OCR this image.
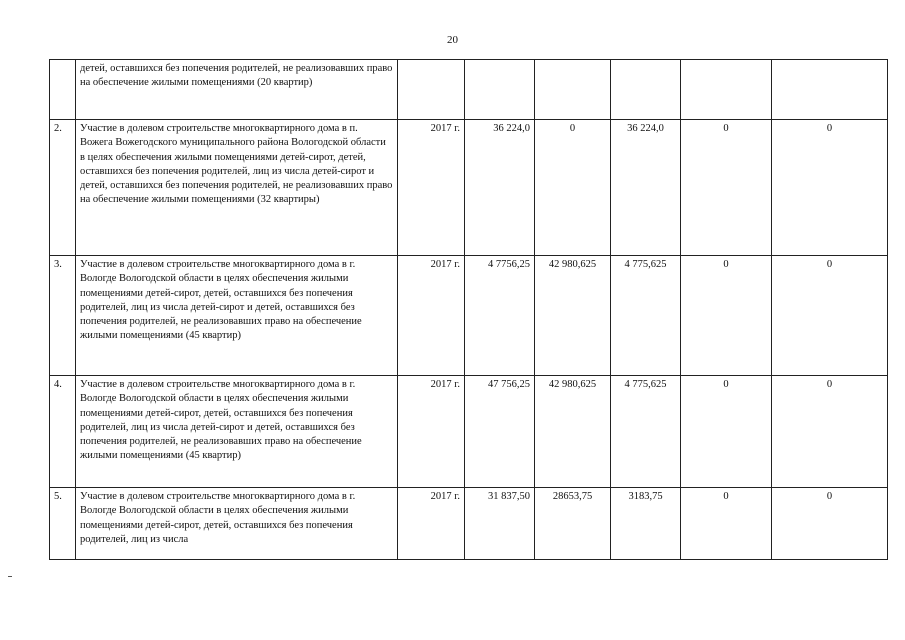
20
	детей, оставшихся без попечения родителей, не реализовавших право на обеспечение жилыми помещениями (20 квартир)						
2.	Участие в долевом строительстве многоквартирного дома в п. Вожега Вожегодского муниципального района Вологодской области в целях обеспечения жилыми помещениями детей-сирот, детей, оставшихся без попечения родителей, лиц из числа детей-сирот и детей, оставшихся без попечения родителей, не реализовавших право на обеспечение жилыми помещениями (32 квартиры)	2017 г.	36 224,0	0	36 224,0	0	0
3.	Участие в долевом строительстве многоквартирного дома в г. Вологде Вологодской области в целях обеспечения жилыми помещениями детей-сирот, детей, оставшихся без попечения родителей, лиц из числа детей-сирот и детей, оставшихся без попечения родителей, не реализовавших право на обеспечение жилыми помещениями (45 квартир)	2017 г.	4 7756,25	42 980,625	4 775,625	0	0
4.	Участие в долевом строительстве многоквартирного дома в г. Вологде Вологодской области в целях обеспечения жилыми помещениями детей-сирот, детей, оставшихся без попечения родителей, лиц из числа детей-сирот и детей, оставшихся без попечения родителей, не реализовавших право на обеспечение жилыми помещениями (45 квартир)	2017 г.	47 756,25	42 980,625	4 775,625	0	0
5.	Участие в долевом строительстве многоквартирного дома в г. Вологде Вологодской области в целях обеспечения жилыми помещениями детей-сирот, детей, оставшихся без попечения родителей, лиц из числа	2017 г.	31 837,50	28653,75	3183,75	0	0
